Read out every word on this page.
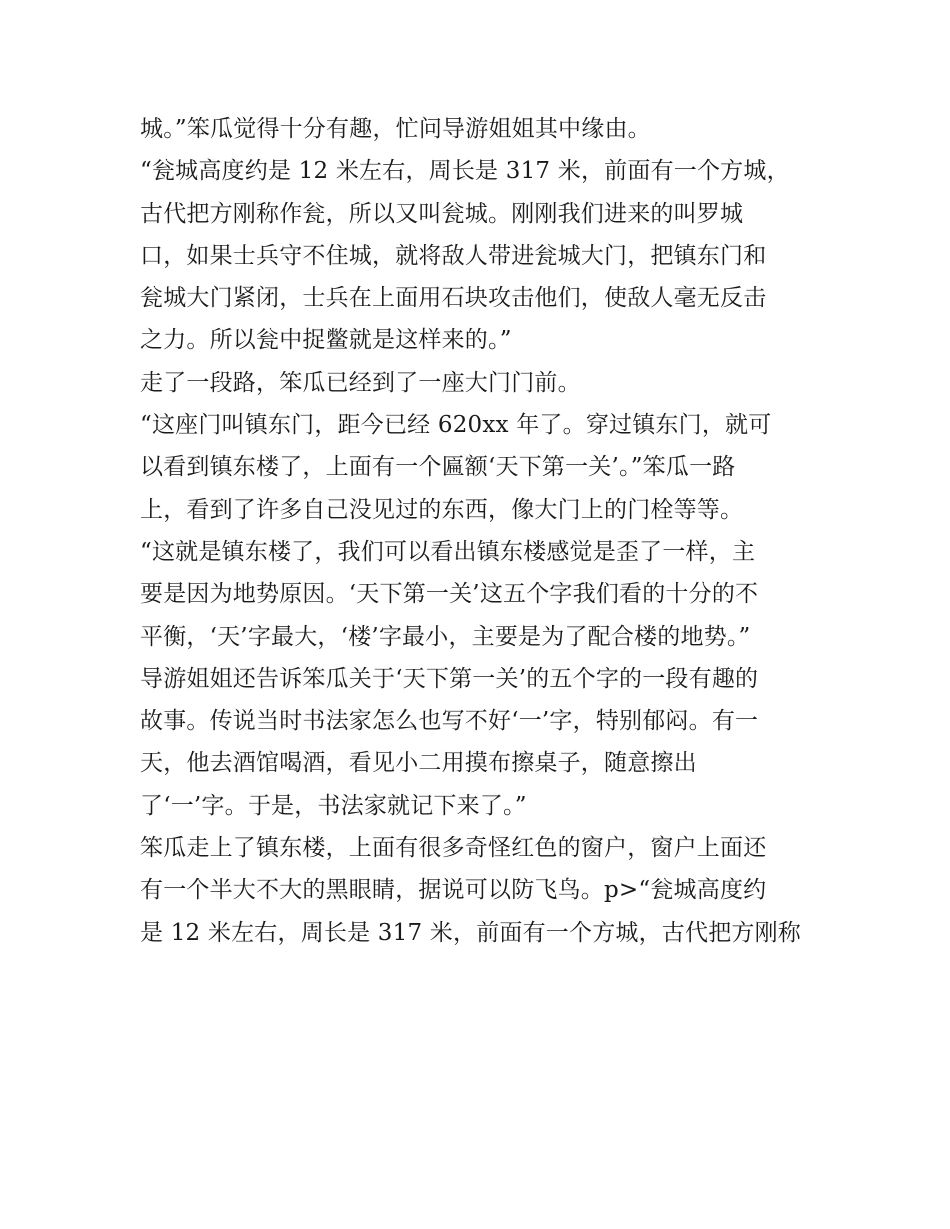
城。”笨瓜觉得十分有趣，忙问导游姐姐其中缘由。
“瓮城高度约是 12 米左右，周长是 317 米，前面有一个方城，
古代把方刚称作瓮，所以又叫瓮城。刚刚我们进来的叫罗城
口，如果士兵守不住城，就将敌人带进瓮城大门，把镇东门和
瓮城大门紧闭，士兵在上面用石块攻击他们，使敌人毫无反击
之力。所以瓮中捉鳖就是这样来的。”
走了一段路，笨瓜已经到了一座大门门前。
“这座门叫镇东门，距今已经 620xx 年了。穿过镇东门，就可
以看到镇东楼了，上面有一个匾额‘天下第一关’。”笨瓜一路
上，看到了许多自己没见过的东西，像大门上的门栓等等。
“这就是镇东楼了，我们可以看出镇东楼感觉是歪了一样，主
要是因为地势原因。‘天下第一关’这五个字我们看的十分的不
平衡，‘天’字最大，‘楼’字最小，主要是为了配合楼的地势。”
导游姐姐还告诉笨瓜关于‘天下第一关’的五个字的一段有趣的
故事。传说当时书法家怎么也写不好‘一’字，特别郁闷。有一
天，他去酒馆喝酒，看见小二用摸布擦桌子，随意擦出
了‘一’字。于是，书法家就记下来了。”
笨瓜走上了镇东楼，上面有很多奇怪红色的窗户，窗户上面还
有一个半大不大的黑眼睛，据说可以防飞鸟。p>“瓮城高度约
是 12 米左右，周长是 317 米，前面有一个方城，古代把方刚称
